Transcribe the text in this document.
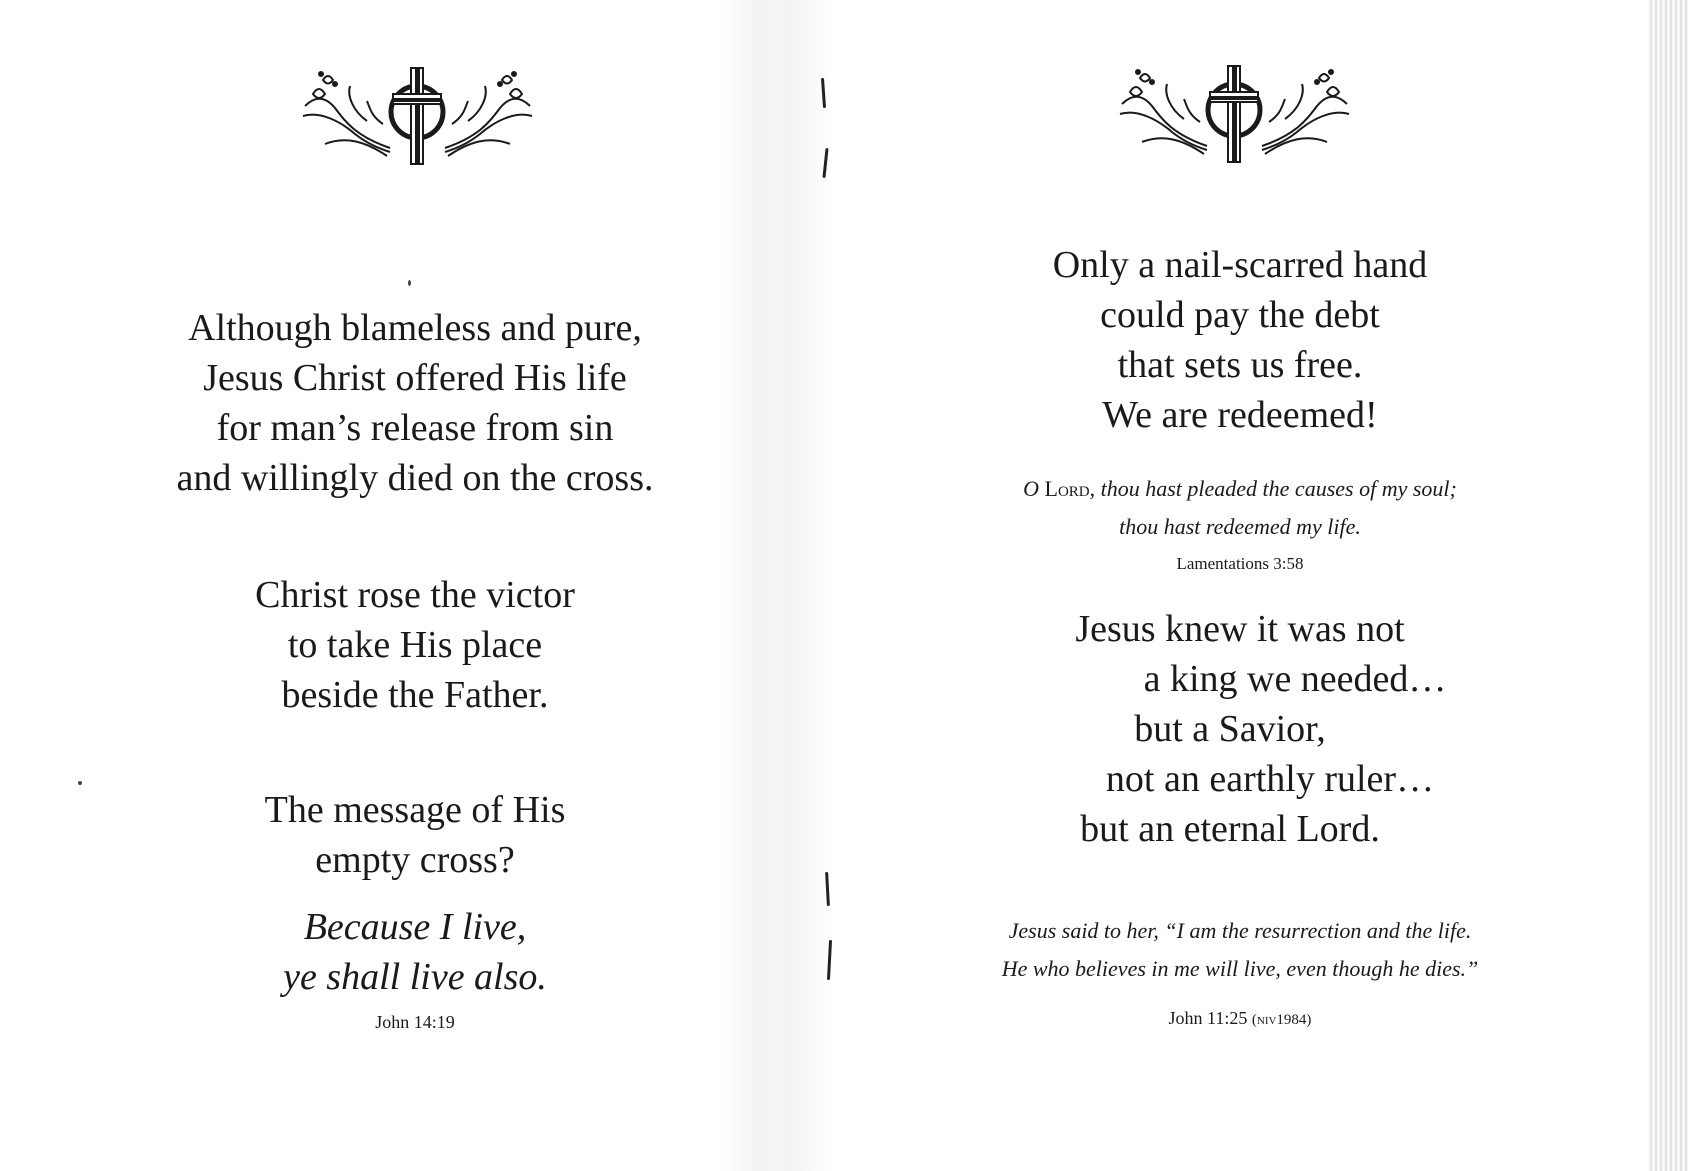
Although blameless and pure,
Jesus Christ offered His life
for man’s release from sin
and willingly died on the cross.
Christ rose the victor
to take His place
beside the Father.
The message of His
empty cross?
Because I live,
ye shall live also.
John 14:19
Only a nail-scarred hand
could pay the debt
that sets us free.
We are redeemed!
O Lord, thou hast pleaded the causes of my soul;
thou hast redeemed my life.
Lamentations 3:58
Jesus knew it was not
a king we needed…
but a Savior,
not an earthly ruler…
but an eternal Lord.
Jesus said to her, “I am the resurrection and the life.
He who believes in me will live, even though he dies.”
John 11:25 (niv1984)
